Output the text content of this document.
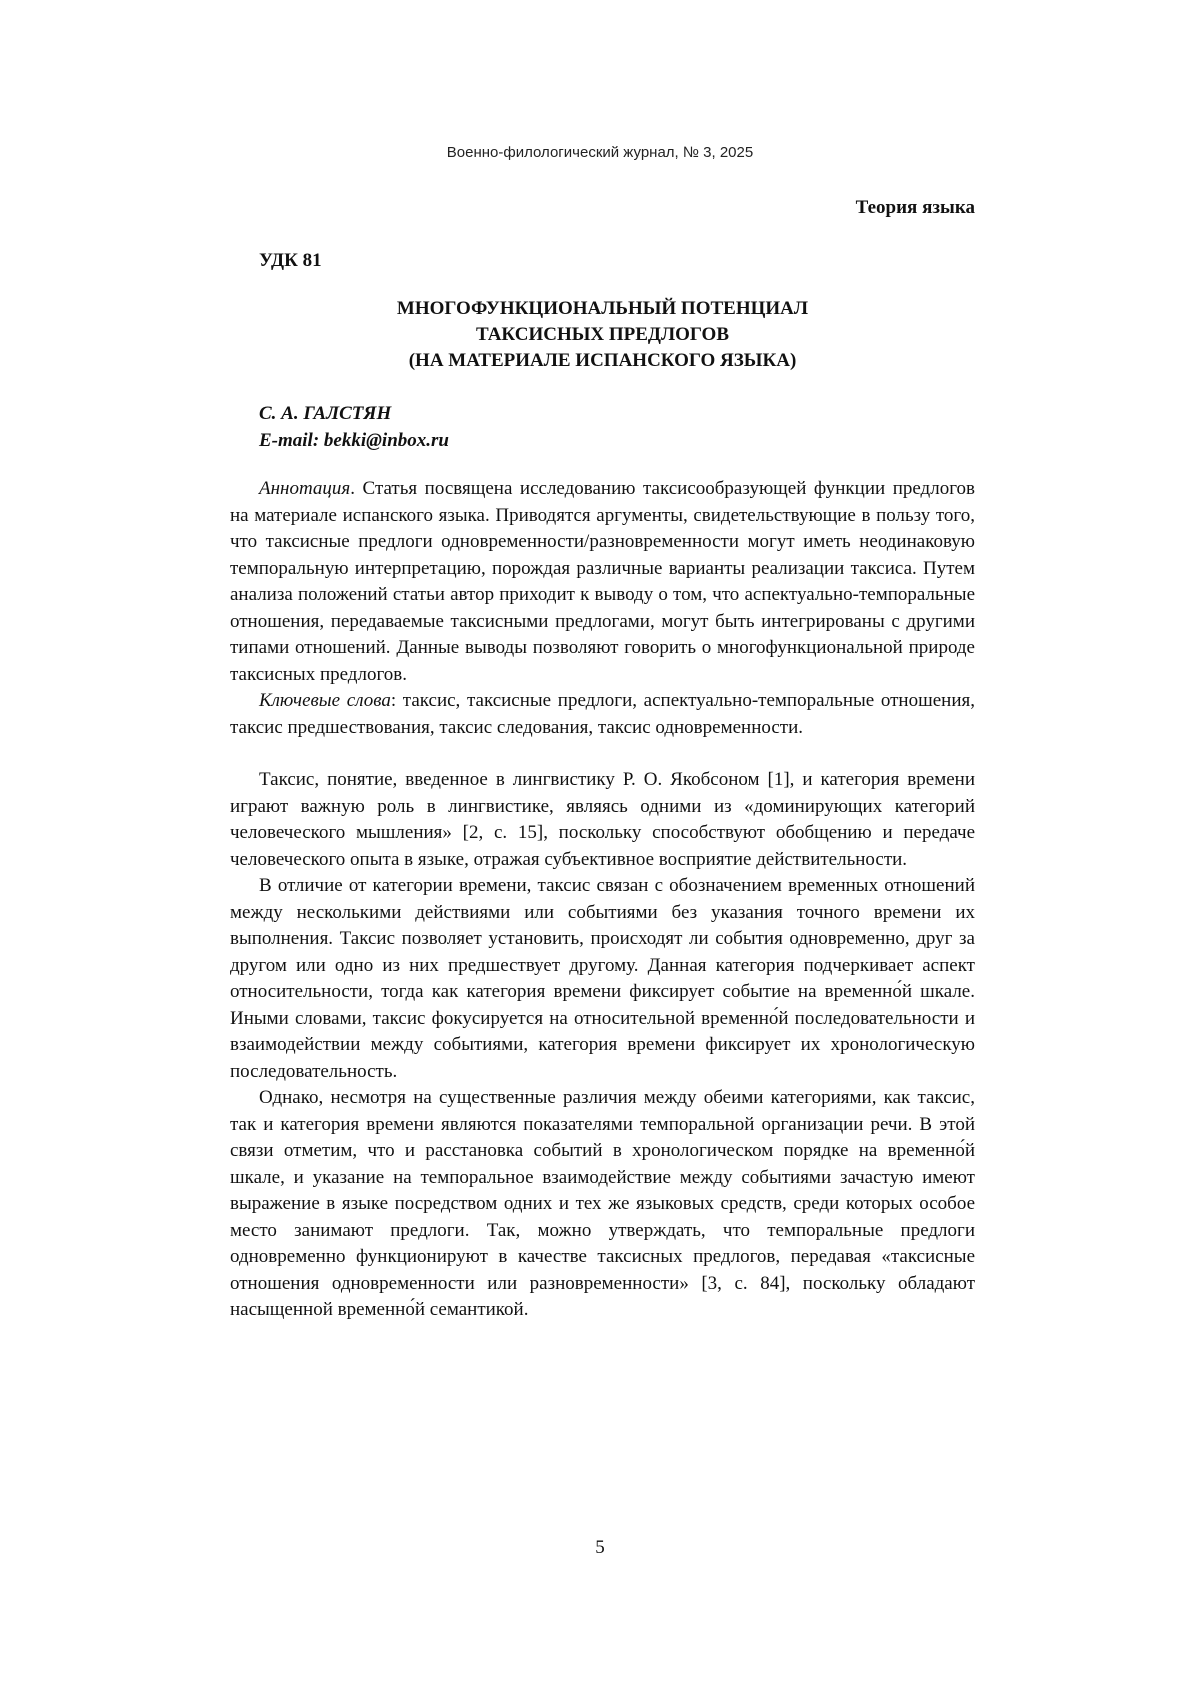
Военно-филологический журнал, № 3, 2025
Теория языка
УДК 81
МНОГОФУНКЦИОНАЛЬНЫЙ ПОТЕНЦИАЛ
ТАКСИСНЫХ ПРЕДЛОГОВ
(НА МАТЕРИАЛЕ ИСПАНСКОГО ЯЗЫКА)
С. А. ГАЛСТЯН
E-mail: bekki@inbox.ru

Аннотация. Статья посвящена исследованию таксисообразующей функции предлогов на материале испанского языка. Приводятся аргументы, свидетельствующие в пользу того, что таксисные предлоги одновременности/разновременности могут иметь неодинаковую темпоральную интерпретацию, порождая различные варианты реализации таксиса. Путем анализа положений статьи автор приходит к выводу о том, что аспектуально-темпоральные отношения, передаваемые таксисными предлогами, могут быть интегрированы с другими типами отношений. Данные выводы позволяют говорить о многофункциональной природе таксисных предлогов.

Ключевые слова: таксис, таксисные предлоги, аспектуально-темпоральные отношения, таксис предшествования, таксис следования, таксис одновременности.

Таксис, понятие, введенное в лингвистику Р. О. Якобсоном [1], и категория времени играют важную роль в лингвистике, являясь одними из «доминирующих категорий человеческого мышления» [2, с. 15], поскольку способствуют обобщению и передаче человеческого опыта в языке, отражая субъективное восприятие действительности.

В отличие от категории времени, таксис связан с обозначением временных отношений между несколькими действиями или событиями без указания точного времени их выполнения. Таксис позволяет установить, происходят ли события одновременно, друг за другом или одно из них предшествует другому. Данная категория подчеркивает аспект относительности, тогда как категория времени фиксирует событие на временно́й шкале. Иными словами, таксис фокусируется на относительной временно́й последовательности и взаимодействии между событиями, категория времени фиксирует их хронологическую последовательность.

Однако, несмотря на существенные различия между обеими категориями, как таксис, так и категория времени являются показателями темпоральной организации речи. В этой связи отметим, что и расстановка событий в хронологическом порядке на временно́й шкале, и указание на темпоральное взаимодействие между событиями зачастую имеют выражение в языке посредством одних и тех же языковых средств, среди которых особое место занимают предлоги. Так, можно утверждать, что темпоральные предлоги одновременно функционируют в качестве таксисных предлогов, передавая «таксисные отношения одновременности или разновременности» [3, с. 84], поскольку обладают насыщенной временно́й семантикой.

5
